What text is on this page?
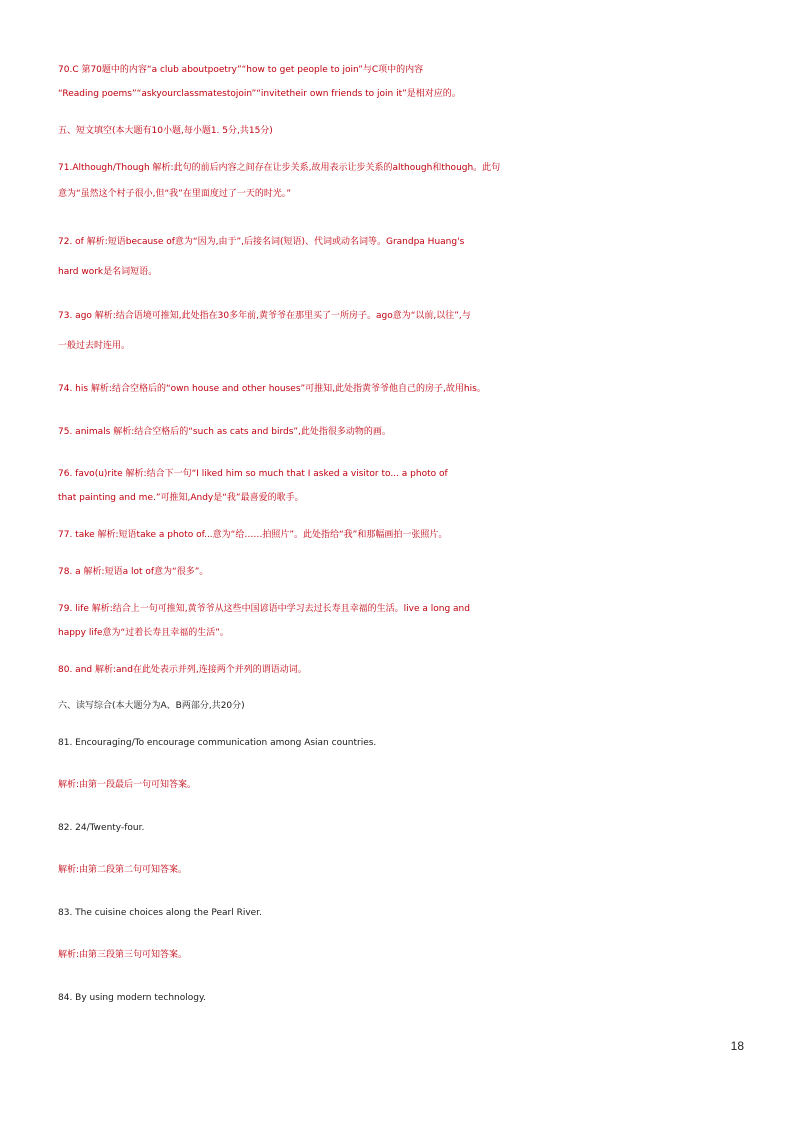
70.C 第70题中的内容“a club aboutpoetry”“how to get people to join”与C项中的内容
“Reading poems”“askyourclassmatestojoin”“invitetheir own friends to join it”是相对应的。
五、短文填空(本大题有10小题,每小题1. 5分,共15分)
71.Although/Though 解析:此句的前后内容之间存在让步关系,故用表示让步关系的although和though。此句
意为“虽然这个村子很小,但“我”在里面度过了一天的时光。”
72. of 解析:短语because of意为“因为,由于”,后接名词(短语)、代词或动名词等。Grandpa Huang's
hard work是名词短语。
73. ago 解析:结合语境可推知,此处指在30多年前,黄爷爷在那里买了一所房子。ago意为“以前,以往”,与
一般过去时连用。
74. his 解析:结合空格后的“own house and other houses”可推知,此处指黄爷爷他自己的房子,故用his。
75. animals 解析:结合空格后的“such as cats and birds”,此处指很多动物的画。
76. favo(u)rite 解析:结合下一句“I liked him so much that I asked a visitor to... a photo of
that painting and me.”可推知,Andy是“我”最喜爱的歌手。
77. take 解析:短语take a photo of...意为“给……拍照片”。此处指给“我”和那幅画拍一张照片。
78. a 解析:短语a lot of意为“很多”。
79. life 解析:结合上一句可推知,黄爷爷从这些中国谚语中学习去过长寿且幸福的生活。live a long and
happy life意为“过着长寿且幸福的生活”。
80. and 解析:and在此处表示并列,连接两个并列的谓语动词。
六、读写综合(本大题分为A、B两部分,共20分)
81. Encouraging/To encourage communication among Asian countries.
解析:由第一段最后一句可知答案。
82. 24/Twenty-four.
解析:由第二段第二句可知答案。
83. The cuisine choices along the Pearl River.
解析:由第三段第三句可知答案。
84. By using modern technology.
18
